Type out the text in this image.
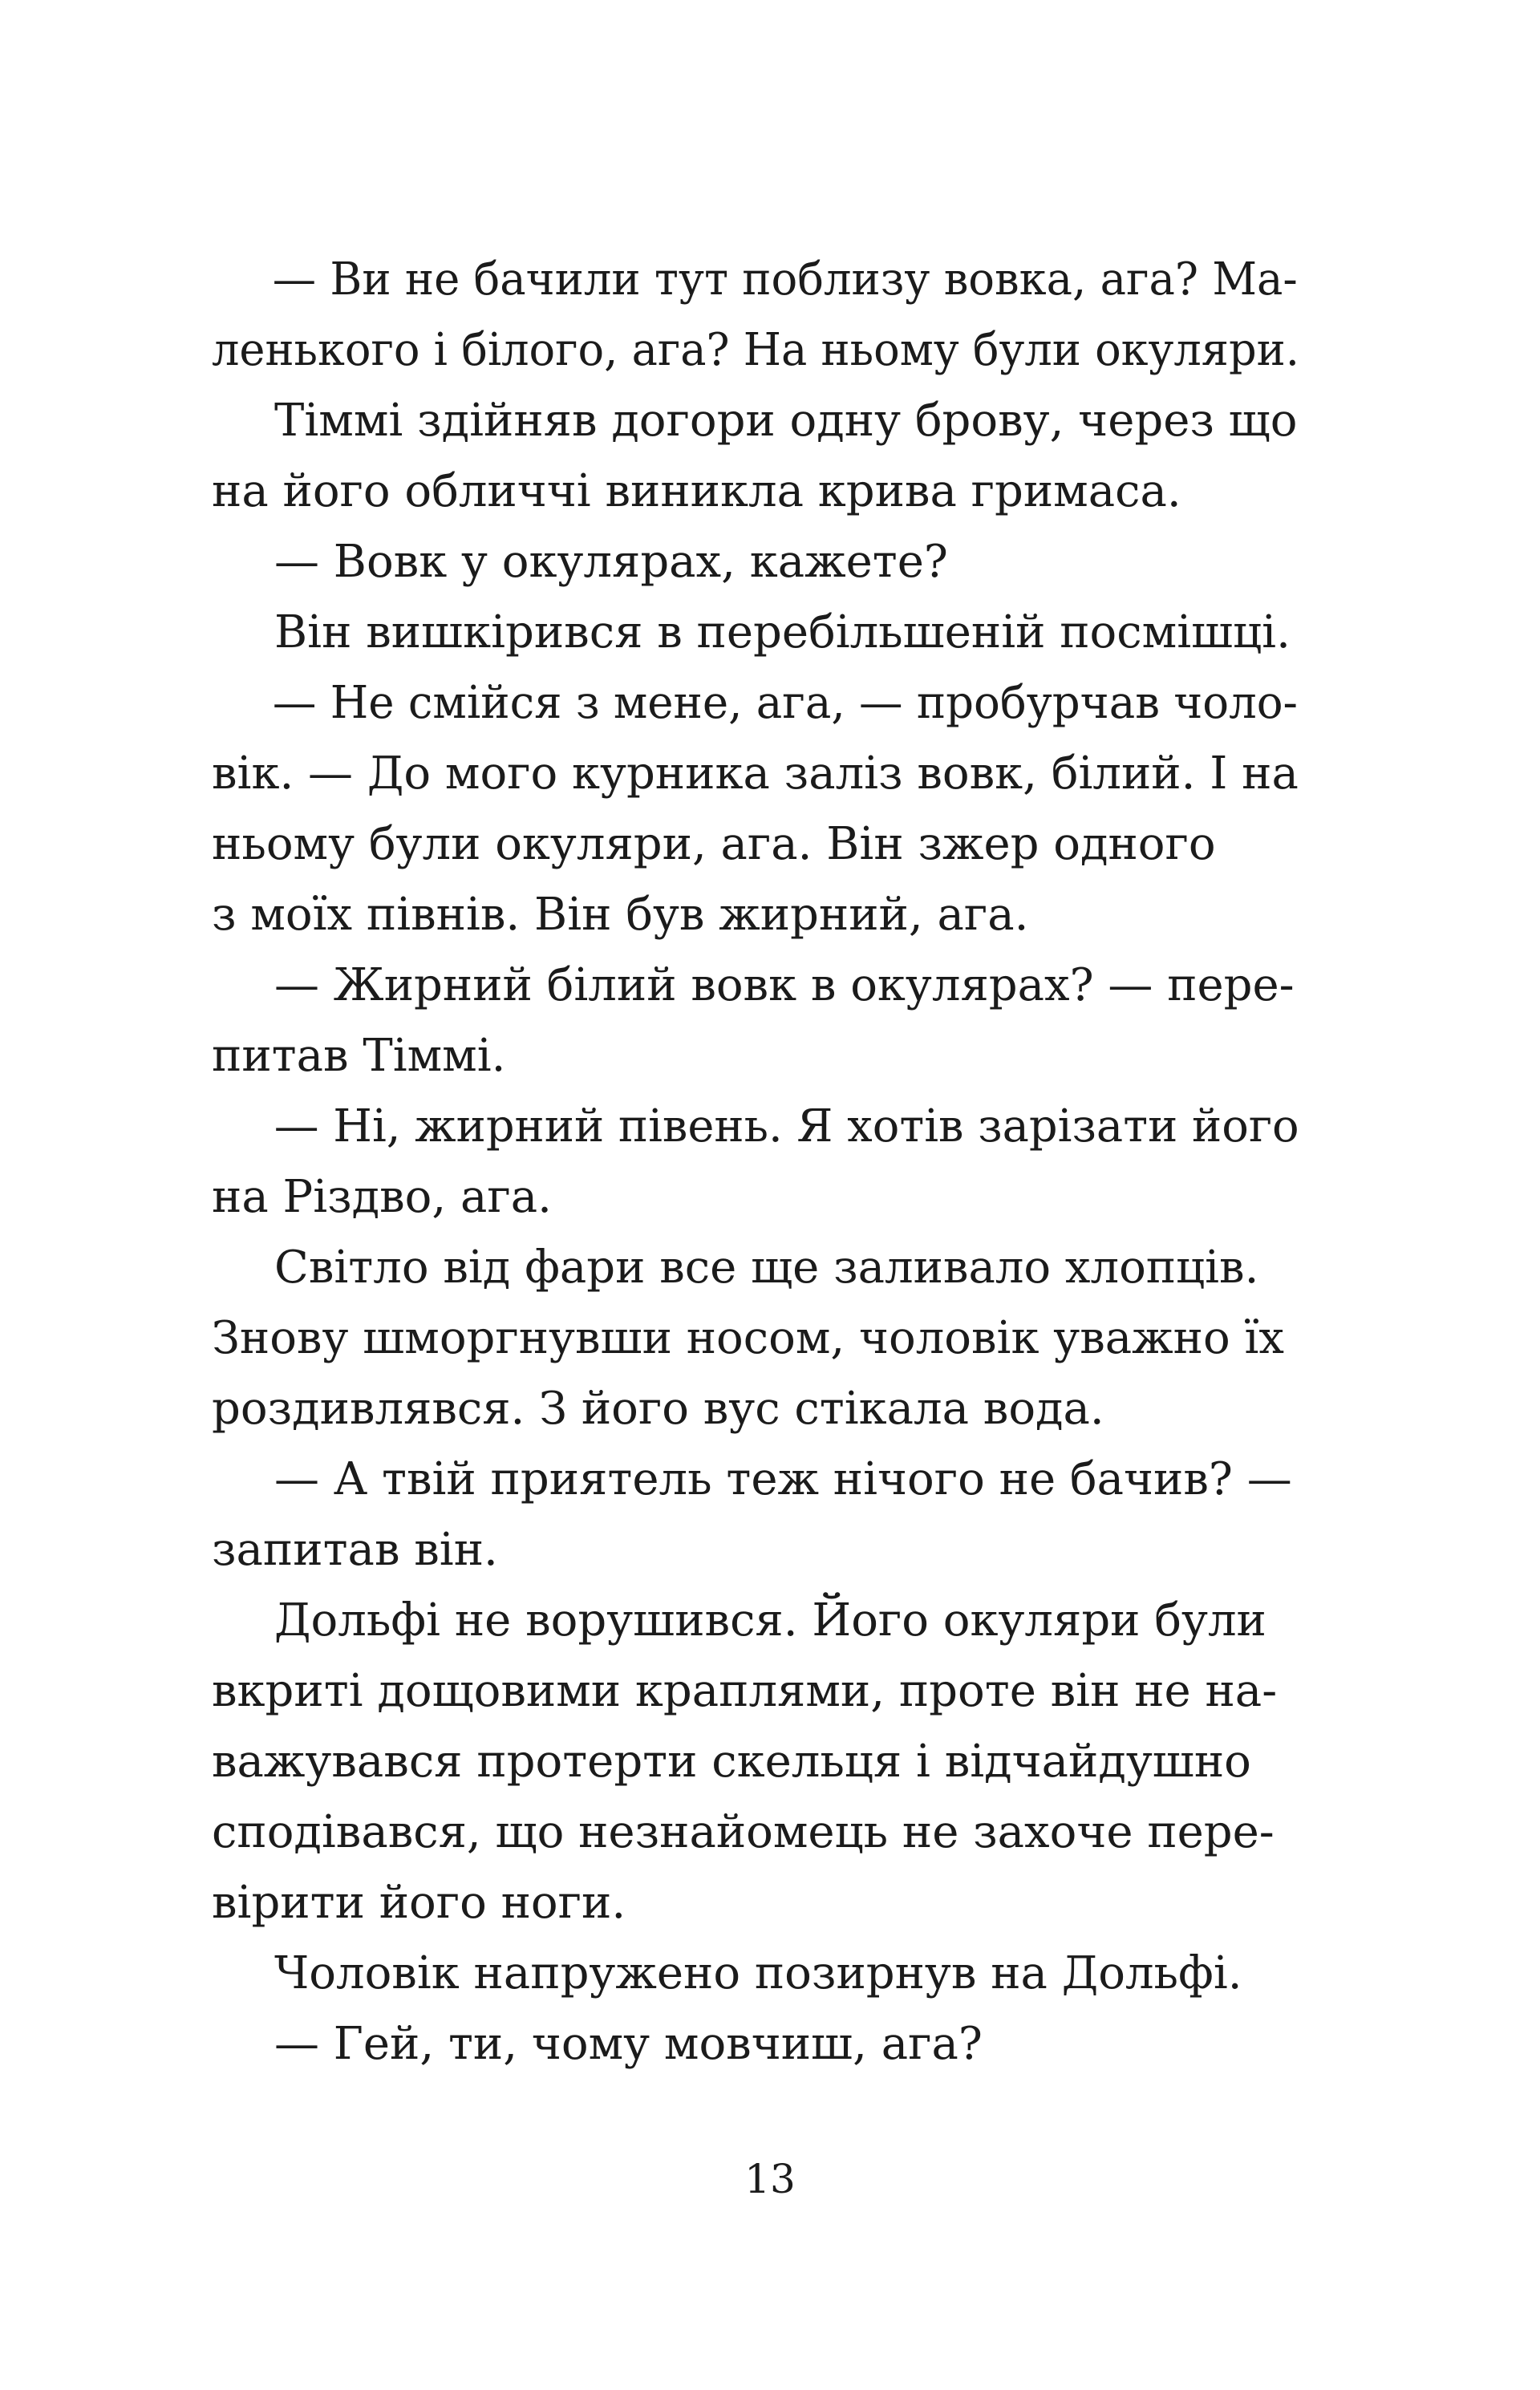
— Ви не бачили тут поблизу вовка, ага? Ма-
ленького і білого, ага? На ньому були окуляри.
Тіммі здійняв догори одну брову, через що
на його обличчі виникла крива гримаса.
— Вовк у окулярах, кажете?
Він вишкірився в перебільшеній посмішці.
— Не смійся з мене, ага, — пробурчав чоло-
вік. — До мого курника заліз вовк, білий. І на
ньому були окуляри, ага. Він зжер одного
з моїх півнів. Він був жирний, ага.
— Жирний білий вовк в окулярах? — пере-
питав Тіммі.
— Ні, жирний півень. Я хотів зарізати його
на Різдво, ага.
Світло від фари все ще заливало хлопців.
Знову шморгнувши носом, чоловік уважно їх
роздивлявся. З його вус стікала вода.
— А твій приятель теж нічого не бачив? —
запитав він.
Дольфі не ворушився. Його окуляри були
вкриті дощовими краплями, проте він не на-
важувався протерти скельця і відчайдушно
сподівався, що незнайомець не захоче пере-
вірити його ноги.
Чоловік напружено позирнув на Дольфі.
— Гей, ти, чому мовчиш, ага?
13
